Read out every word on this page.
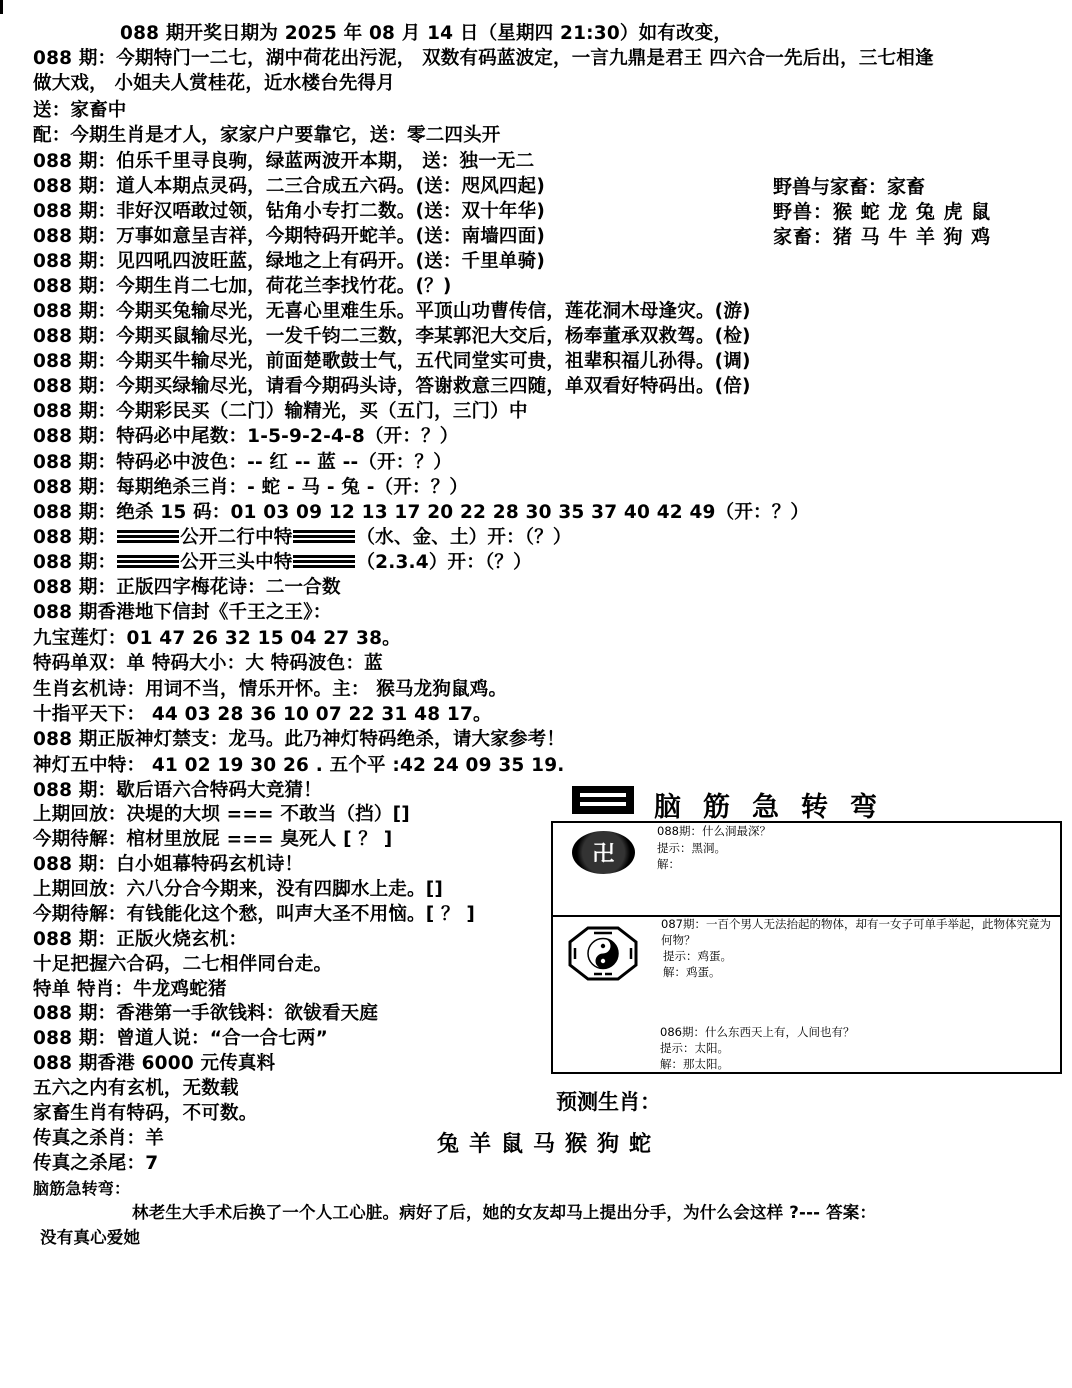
088 期开奖日期为 2025 年 08 月 14 日（星期四 21:30）如有改变，
088 期：今期特门一二七，湖中荷花出污泥， 双数有码蓝波定，一言九鼎是君王 四六合一先后出，三七相逢
做大戏， 小姐夫人赏桂花，近水楼台先得月
送：家畜中
配：今期生肖是才人，家家户户要靠它，送：零二四头开
088 期：伯乐千里寻良驹，绿蓝两波开本期， 送：独一无二
088 期：道人本期点灵码，二三合成五六码。(送：咫风四起)
088 期：非好汉唔敢过领，钻角小专打二数。(送：双十年华)
088 期：万事如意呈吉祥，今期特码开蛇羊。(送：南墙四面)
088 期：见四吼四波旺蓝，绿地之上有码开。(送：千里单骑)
088 期：今期生肖二七加，荷花兰李找竹花。(？)
088 期：今期买兔输尽光，无喜心里难生乐。平顶山功曹传信，莲花洞木母逢灾。(游)
088 期：今期买鼠输尽光，一发千钧二三数，李某郭汜大交后，杨奉董承双救驾。(检)
088 期：今期买牛输尽光，前面楚歌鼓士气，五代同堂实可贵，祖辈积福儿孙得。(调)
088 期：今期买绿输尽光，请看今期码头诗，答谢救意三四随，单双看好特码出。(倍)
088 期：今期彩民买（二门）输精光，买（五门，三门）中
088 期：特码必中尾数：1-5-9-2-4-8（开：？）
088 期：特码必中波色：-- 红 -- 蓝 --（开：？）
088 期：每期绝杀三肖：- 蛇 - 马 - 兔 -（开：？）
088 期：绝杀 15 码：01 03 09 12 13 17 20 22 28 30 35 37 40 42 49（开：？）
088 期：	公开二行中特	（水、金、土）开：（？）
088 期：	公开三头中特	（2.3.4）开：（？）
088 期：正版四字梅花诗：二一合数
088 期香港地下信封《千王之王》：
九宝莲灯：01 47 26 32 15 04 27 38。
特码单双：单 特码大小：大 特码波色：蓝
生肖玄机诗：用词不当，情乐开怀。主： 猴马龙狗鼠鸡。
十指平天下： 44 03 28 36 10 07 22 31 48 17。
088 期正版神灯禁支：龙马。此乃神灯特码绝杀，请大家参考！
神灯五中特： 41 02 19 30 26 . 五个平 :42 24 09 35 19.
088 期：歇后语六合特码大竞猜！
上期回放：决堤的大坝 === 不敢当（挡）[]
今期待解：棺材里放屁 === 臭死人 [ ？ ]
088 期：白小姐幕特码玄机诗！
上期回放：六八分合今期来，没有四脚水上走。[]
今期待解：有钱能化这个愁，叫声大圣不用恼。[ ？ ]
088 期：正版火烧玄机：
十足把握六合码，二七相伴同台走。
特单 特肖：牛龙鸡蛇猪
088 期：香港第一手欲钱料：欲钹看天庭
088 期：曾道人说：“合一合七两”
088 期香港 6000 元传真料
五六之内有玄机，无数载
家畜生肖有特码，不可数。
传真之杀肖：羊
传真之杀尾：7
脑筋急转弯：
林老生大手术后换了一个人工心脏。病好了后，她的女友却马上提出分手，为什么会这样 ?--- 答案：
没有真心爱她
野兽与家畜：家畜
野兽：猴 蛇 龙 兔 虎 鼠
家畜：猪 马 牛 羊 狗 鸡
脑筋急转弯
卍
088期：什么洞最深？
提示：黑洞。
解：
087期：一百个男人无法抬起的物体，却有一女子可单手举起，此物体究竟为何物？
提示：鸡蛋。
解：鸡蛋。
086期：什么东西天上有，人间也有？
提示：太阳。
解：那太阳。
预测生肖：
兔羊鼠马猴狗蛇
